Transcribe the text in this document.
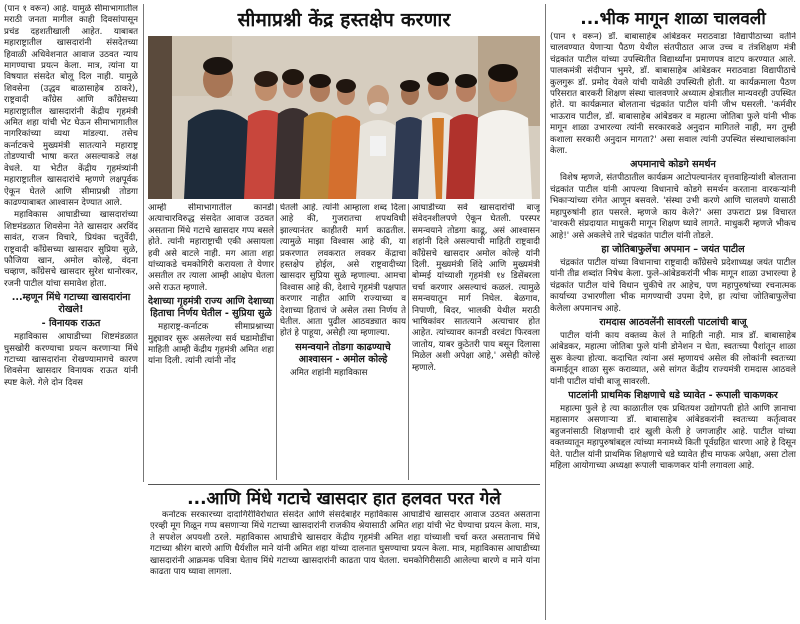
(पान १ वरून) आहे. यामुळे सीमाभागातील मराठी जनता मागील काही दिवसांपासून प्रचंड दहशतीखाली आहेत. याबाबत महाराष्ट्रातील खासदारांनी संसदेतच्या हिवाळी अधिवेशनात आवाज उठवत न्याय मागण्याचा प्रयत्न केला. मात्र, त्यांना या विषयात संसदेत बोलू दिल नाही. यामुळे शिवसेना (उद्धव बाळासाहेब ठाकरे), राष्ट्रवादी काँग्रेस आणि काँग्रेसच्या महाराष्ट्रातील खासदारांनी केंद्रीय गृहमंत्री अमित शहा यांची भेट घेऊन सीमाभागातील नागरिकांच्या व्यथा मांडल्या. तसेच कर्नाटकचे मुख्यमंत्री सातत्याने महाराष्ट्र तोडण्याची भाषा करत असल्याकडे लक्ष वेधले. या भेटीत केंद्रीय गृहमंत्र्यांनी महाराष्ट्रातील खासदारांचे म्हणणे लक्षपूर्वक ऐकून घेतले आणि सीमाप्रश्नी तोडगा काढण्याबाबत आश्वासन देण्यात आले.

महाविकास आघाडीच्या खासदारांच्या शिष्टमंडळात शिवसेना नेते खासदार अरविंद सावंत, राजन विचारे, प्रियंका चतुर्वेदी, राष्ट्रवादी काँग्रेसच्या खासदार सुप्रिया सुळे, फौजिया खान, अमोल कोल्हे, वंदना चव्हाण, काँग्रेसचे खासदार सुरेश धानोरकर, रजनी पाटील यांचा समावेश होता.

...म्हणून मिंधे गटाच्या खासदारांना रोखले!
- विनायक राऊत

महाविकास आघाडीच्या शिष्टमंडळात घुसखोरी करण्याचा प्रयत्न करणाऱ्या मिंधे गटाच्या खासदारांना रोखण्यामागचे कारण शिवसेना खासदार विनायक राऊत यांनी स्पष्ट केले. गेले दोन दिवस

सीमाप्रश्नी केंद्र हस्तक्षेप करणार

आम्ही सीमाभागातील कानडी अत्याचारविरुद्ध संसदेत आवाज उठवत असताना मिंधे गटाचे खासदार गप्प बसले होते. त्यांनी महाराष्ट्राची एकी असायला हवी असे बाटले नाही. मग आता शहा यांच्याकडे चमकोगिरी करायला ते येणार असतील तर त्याला आम्ही आक्षेप घेतला असे राऊत म्हणाले.

देशाच्या गृहमंत्री राज्य आणि देशाच्या हिताचा निर्णय घेतील - सुप्रिया सुळे

महाराष्ट्र-कर्नाटक सीमाप्रश्नाच्या मुद्द्यावर सुरू असलेल्या सर्व घडामोडींचा माहिती आम्ही केंद्रीय गृहमंत्री अमित शहा यांना दिली. त्यांनी त्यांनी नोंद

घेतली आहे. त्यांनी आम्हाला शब्द दिला आहे की, गुजरातचा शपथविधी झाल्यानंतर काहीतरी मार्ग काढतील. त्यामुळे माझा विश्वास आहे की, या प्रकरणात लवकरात लवकर केंद्राचा हस्तक्षेप होईल, असे राष्ट्रवादीच्या खासदार सुप्रिया सुळे म्हणाल्या. आमचा विश्वास आहे की, देशाचे गृहमंत्री पक्षपात करणार नाहीत आणि राज्याच्या व देशाच्या हिताचं जे असेल तसा निर्णय ते घेतील. आता पुढील आठवड्यात काय होतं हे पाहूया, असेही त्या म्हणाल्या.

समन्वयाने तोडगा काढण्याचे आश्वासन - अमोल कोल्हे

अमित शहांनी महाविकास

आघाडीच्या सर्व खासदारांची बाजू संवेदनशीलपणे ऐकून घेतली. परस्पर समन्वयाने तोडगा काढू, असं आश्वासन शहांनी दिले असल्याची माहिती राष्ट्रवादी काँग्रेसचे खासदार अमोल कोल्हे यांनी दिली. मुख्यमंत्री शिंदे आणि मुख्यमंत्री बोम्मई यांच्याशी गृहमंत्री १४ डिसेंबरला चर्चा करणार असल्याचं कळलं. त्यामुळे समन्वयातून मार्ग निघेल. बेळगाव, निपाणी, बिदर, भालकी येथील मराठी भाषिकांवर सातत्याने अत्याचार होत आहेत. त्यांच्यावर कानडी वरवंटा फिरवला जातोय, याबर कुठेतरी पाय बसून दिलासा मिळेल अशी अपेक्षा आहे,' असेही कोल्हे म्हणाले.

...आणि मिंधे गटाचे खासदार हात हलवत परत गेले

कर्नाटक सरकारच्या दादागिरीविरोधात संसदेत आणि संसदेबाहेर महाविकास आघाडीचे खासदार आवाज उठवत असताना एरव्ही मूग गिळून गप्प बसणाऱ्या मिंधे गटाच्या खासदारांनी राजकीय श्रेयासाठी अमित शहा यांची भेट घेण्याचा प्रयत्न केला. मात्र, ते सपशेल अपयशी ठरले. महाविकास आघाडीचे खासदार केंद्रीय गृहमंत्री अमित शहा यांच्याशी चर्चा करत असतानाच मिंधे गटाच्या श्रीरंग बारणे आणि धैर्यशील माने यांनी अमित शहा यांच्या दालनात घुसण्याचा प्रयत्न केला. मात्र, महाविकास आघाडीच्या खासदारांनी आक्रमक पवित्रा घेताच मिंधे गटाच्या खासदारांनी काढता पाय घेतला. चमकोगिरीसाठी आलेल्या बारणे व माने यांना काढता पाय घ्यावा लागला.

...भीक मागून शाळा चालवली

(पान १ वरून) डॉ. बाबासाहेब आंबेडकर मराठवाडा विद्यापीठाच्या वतीने चालवण्यात येणाऱ्या पैठण येथील संतपीठात आज उच्च व तंत्रशिक्षण मंत्री चंद्रकांत पाटील यांच्या उपस्थितीत विद्यार्थ्यांना प्रमाणपत्र वाटप करण्यात आले. पालकमंत्री संदीपान भुमरे, डॉ. बाबासाहेब आंबेडकर मराठवाडा विद्यापीठाचे कुलगुरू डॉ. प्रमोद येवले यांची यावेळी उपस्थिती होती. या कार्यक्रमाला पैठण परिसरात बारकरी शिक्षण संस्था चालवणारे अध्यात्म क्षेत्रातील मान्यवरही उपस्थित होते. या कार्यक्रमात बोलताना चंद्रकांत पाटील यांनी जीभ घसरली. 'कर्मवीर भाऊराव पाटील, डॉ. बाबासाहेब आंबेडकर व महात्मा जोतिबा फुले यांनी भीक मागून शाळा उभारल्या त्यांनी सरकारकडे अनुदान मागितले नाही, मग तुम्ही कशाला सरकारी अनुदान मागता?' असा सवाल त्यांनी उपस्थित संस्थाचालकांना केला.

अपमानाचे कोडगे समर्थन

विशेष म्हणजे, संतपीठातील कार्यक्रम आटोपल्यानंतर वृत्तवाहिन्यांशी बोलताना चंद्रकांत पाटील यांनी आपल्या विधानाचे कोडगे समर्थन करताना वारकऱ्यांनी भिकाऱ्यांच्या रांगेत आणून बसवले. 'संस्था उभी करणे आणि चालवणे यासाठी महापुरुषांनी हात पसरले. म्हणजे काय केले?' असा उफराटा प्रश्न विचारत 'वारकरी संप्रदायात माधुकरी मागून शिक्षण घ्यावे लागते. माधुकरी म्हणजे भीकच आहे!' असे अकलेचे तारे चंद्रकांत पाटील यांनी तोडले.

हा जोतिबाफुलेंचा अपमान – जयंत पाटील

चंद्रकांत पाटील यांच्या विधानाचा राष्ट्रवादी काँग्रेसचे प्रदेशाध्यक्ष जयंत पाटील यांनी तीव्र शब्दांत निषेध केला. फुले-आंबेडकरांनी भीक मागून शाळा उभारल्या हे चंद्रकांत पाटील यांचे विधान चुकीचे तर आहेच, पण महापुरुषांच्या रचनात्मक कार्याच्या उभारणीला भीक मागण्याची उपमा देणे, हा त्यांचा जोतिबाफुलेंचा केलेला अपमानच आहे.

रामदास आठवलेंनी सावरली पाटलांची बाजू

पाटील यांनी काय वक्तव्य केलं ते माहिती नाही. मात्र डॉ. बाबासाहेब आंबेडकर, महात्मा जोतिबा फुले यांनी डोनेशन न घेता, स्वतःच्या पैशांतून शाळा सुरू केल्या होत्या. कदाचित त्यांना असं म्हणायचं असेल की लोकांनी स्वतःच्या कमाईतून शाळा सुरू कराव्यात, असे सांगत केंद्रीय राज्यमंत्री रामदास आठवले यांनी पाटील यांची बाजू सावरली.

पाटलांनी प्राथमिक शिक्षणाचे धडे घ्यावेत - रूपाली चाकणकर

महात्मा फुले हे त्या काळातील एक प्रथितयश उद्योगपती होते आणि ज्ञानाचा महासागर असणाऱ्या डॉ. बाबासाहेब आंबेडकरांनी स्वतःच्या कर्तृत्वावर बहुजनांसाठी शिक्षणाची दारं खुली केली हे जगजाहीर आहे. पाटील यांच्या वक्तव्यातून महापुरुषांबद्दल त्यांच्या मनामध्ये किती पूर्वग्रहित धारणा आहे हे दिसून येते. पाटील यांनी प्राथमिक शिक्षणाचे धडे घ्यावेत हीच माफक अपेक्षा, असा टोला महिला आयोगाच्या अध्यक्षा रूपाली चाकणकर यांनी लगावला आहे.
